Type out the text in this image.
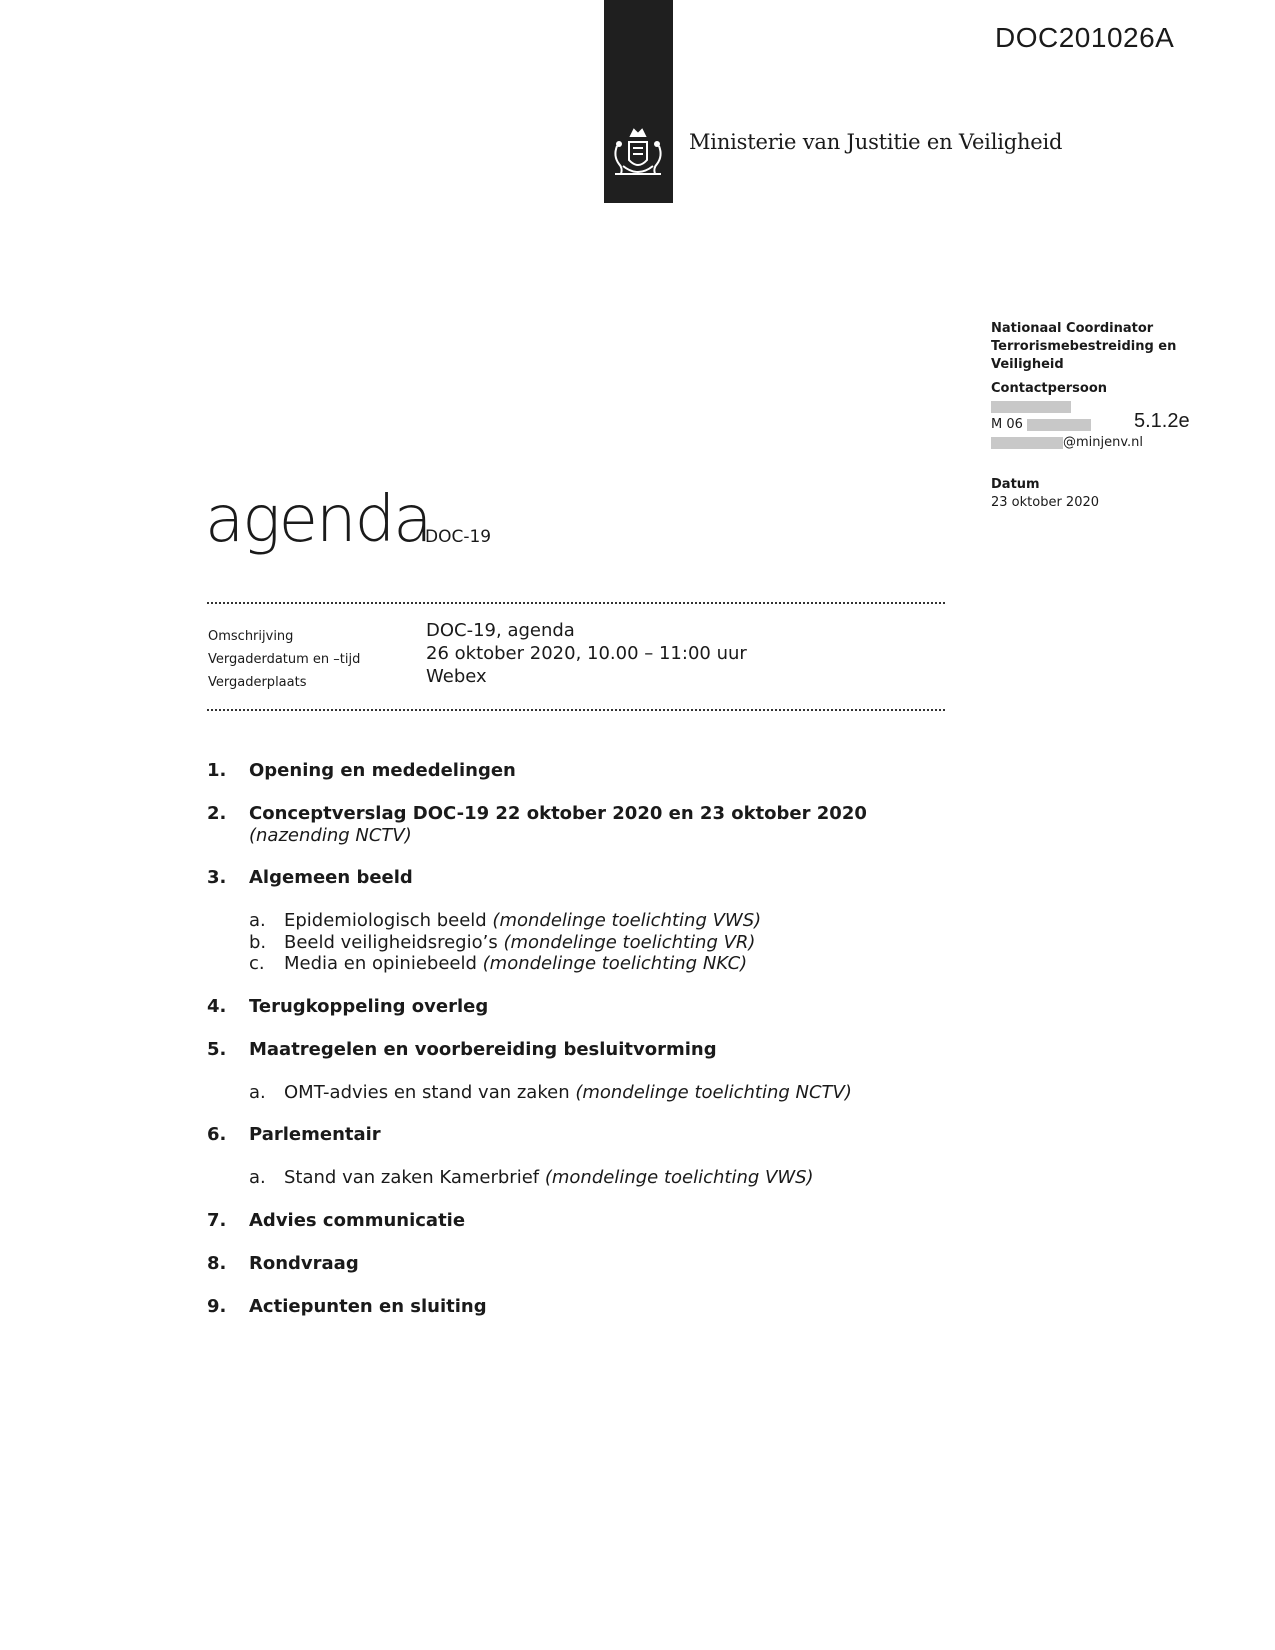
DOC201026A
Ministerie van Justitie en Veiligheid
Nationaal Coordinator
Terrorismebestreiding en
Veiligheid
Contactpersoon
M 06
@minjenv.nl
Datum
23 oktober 2020
5.1.2e
agenda
DOC-19
Omschrijving
Vergaderdatum en –tijd
Vergaderplaats
DOC-19, agenda
26 oktober 2020, 10.00 – 11:00 uur
Webex
1. Opening en mededelingen
2. Conceptverslag DOC-19 22 oktober 2020 en 23 oktober 2020
(nazending NCTV)
3. Algemeen beeld
a. Epidemiologisch beeld (mondelinge toelichting VWS)
b. Beeld veiligheidsregio’s (mondelinge toelichting VR)
c. Media en opiniebeeld (mondelinge toelichting NKC)
4. Terugkoppeling overleg
5. Maatregelen en voorbereiding besluitvorming
a. OMT-advies en stand van zaken (mondelinge toelichting NCTV)
6. Parlementair
a. Stand van zaken Kamerbrief (mondelinge toelichting VWS)
7. Advies communicatie
8. Rondvraag
9. Actiepunten en sluiting
